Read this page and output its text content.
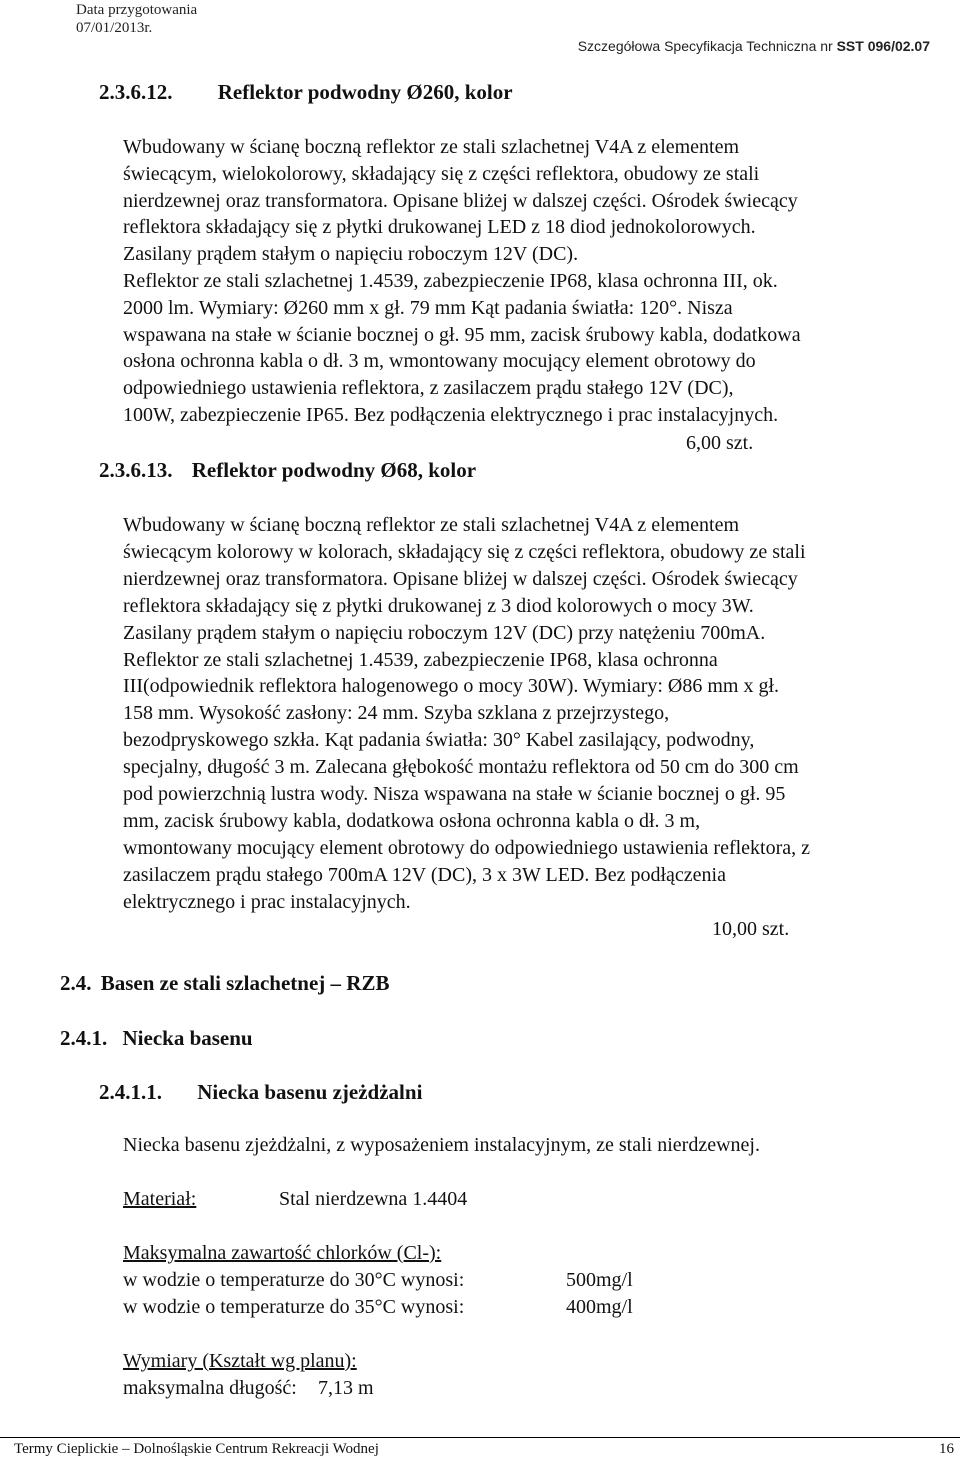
Data przygotowania
07/01/2013r.
Szczegółowa Specyfikacja Techniczna nr SST 096/02.07
2.3.6.12. Reflektor podwodny Ø260, kolor
Wbudowany w ścianę boczną reflektor ze stali szlachetnej V4A z elementem
świecącym, wielokolorowy, składający się z części reflektora, obudowy ze stali
nierdzewnej oraz transformatora. Opisane bliżej w dalszej części. Ośrodek świecący
reflektora składający się z płytki drukowanej LED z 18 diod jednokolorowych.
Zasilany prądem stałym o napięciu roboczym 12V (DC).
Reflektor ze stali szlachetnej 1.4539, zabezpieczenie IP68, klasa ochronna III, ok.
2000 lm. Wymiary: Ø260 mm x gł. 79 mm Kąt padania światła: 120°. Nisza
wspawana na stałe w ścianie bocznej o gł. 95 mm, zacisk śrubowy kabla, dodatkowa
osłona ochronna kabla o dł. 3 m, wmontowany mocujący element obrotowy do
odpowiedniego ustawienia reflektora, z zasilaczem prądu stałego 12V (DC),
100W, zabezpieczenie IP65. Bez podłączenia elektrycznego i prac instalacyjnych.
6,00 szt.
2.3.6.13. Reflektor podwodny Ø68, kolor
Wbudowany w ścianę boczną reflektor ze stali szlachetnej V4A z elementem
świecącym kolorowy w kolorach, składający się z części reflektora, obudowy ze stali
nierdzewnej oraz transformatora. Opisane bliżej w dalszej części. Ośrodek świecący
reflektora składający się z płytki drukowanej z 3 diod kolorowych o mocy 3W.
Zasilany prądem stałym o napięciu roboczym 12V (DC) przy natężeniu 700mA.
Reflektor ze stali szlachetnej 1.4539, zabezpieczenie IP68, klasa ochronna
III(odpowiednik reflektora halogenowego o mocy 30W). Wymiary: Ø86 mm x gł.
158 mm. Wysokość zasłony: 24 mm. Szyba szklana z przejrzystego,
bezodpryskowego szkła. Kąt padania światła: 30° Kabel zasilający, podwodny,
specjalny, długość 3 m. Zalecana głębokość montażu reflektora od 50 cm do 300 cm
pod powierzchnią lustra wody. Nisza wspawana na stałe w ścianie bocznej o gł. 95
mm, zacisk śrubowy kabla, dodatkowa osłona ochronna kabla o dł. 3 m,
wmontowany mocujący element obrotowy do odpowiedniego ustawienia reflektora, z
zasilaczem prądu stałego 700mA 12V (DC), 3 x 3W LED. Bez podłączenia
elektrycznego i prac instalacyjnych.
10,00 szt.
2.4. Basen ze stali szlachetnej – RZB
2.4.1. Niecka basenu
2.4.1.1. Niecka basenu zjeżdżalni
Niecka basenu zjeżdżalni, z wyposażeniem instalacyjnym, ze stali nierdzewnej.
Materiał:	Stal nierdzewna 1.4404
Maksymalna zawartość chlorków (Cl-):
w wodzie o temperaturze do 30°C wynosi:	500mg/l
w wodzie o temperaturze do 35°C wynosi:	400mg/l
Wymiary (Kształt wg planu):
maksymalna długość: 7,13 m
Termy Cieplickie – Dolnośląskie Centrum Rekreacji Wodnej	16
